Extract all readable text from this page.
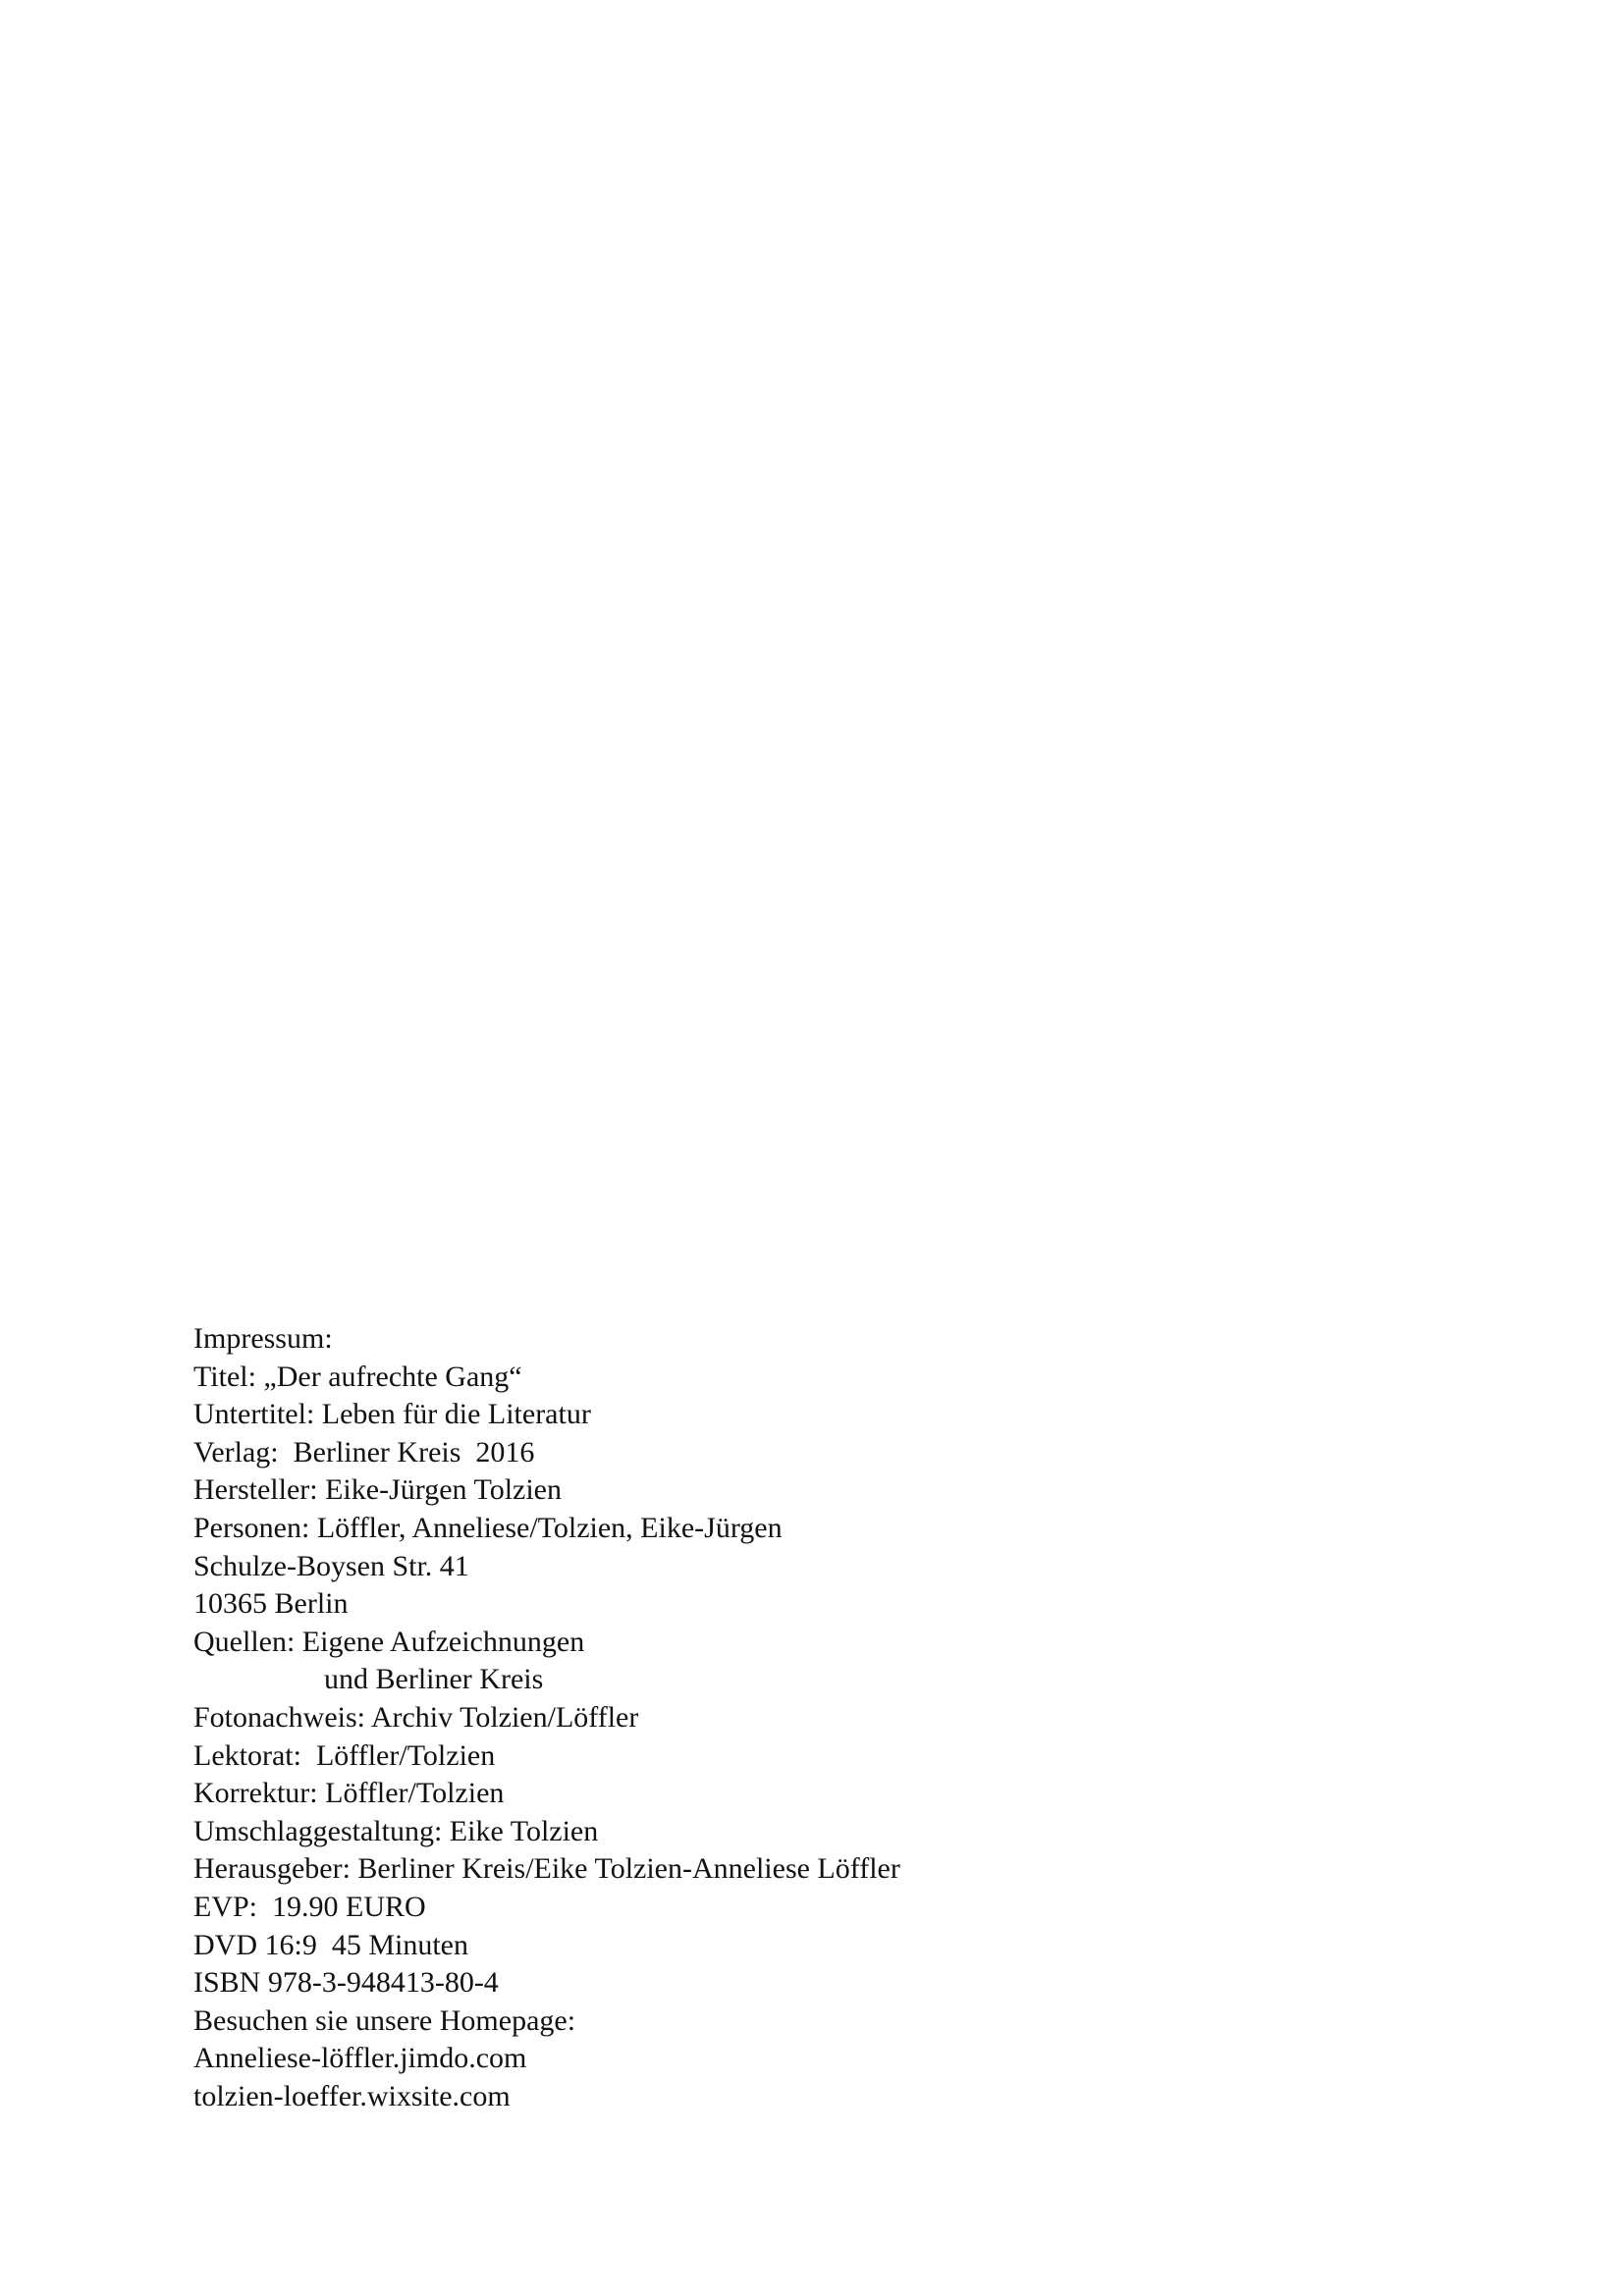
Impressum:

Titel: „Der aufrechte Gang“

Untertitel: Leben für die Literatur

Verlag:  Berliner Kreis  2016

Hersteller: Eike-Jürgen Tolzien

Personen: Löffler, Anneliese/Tolzien, Eike-Jürgen

Schulze-Boysen Str. 41

10365 Berlin

Quellen: Eigene Aufzeichnungen

und Berliner Kreis

Fotonachweis: Archiv Tolzien/Löffler

Lektorat:  Löffler/Tolzien

Korrektur: Löffler/Tolzien

Umschlaggestaltung: Eike Tolzien

Herausgeber: Berliner Kreis/Eike Tolzien-Anneliese Löffler

EVP:  19.90 EURO

DVD 16:9  45 Minuten

ISBN 978-3-948413-80-4

Besuchen sie unsere Homepage:

Anneliese-löffler.jimdo.com

tolzien-loeffer.wixsite.com
